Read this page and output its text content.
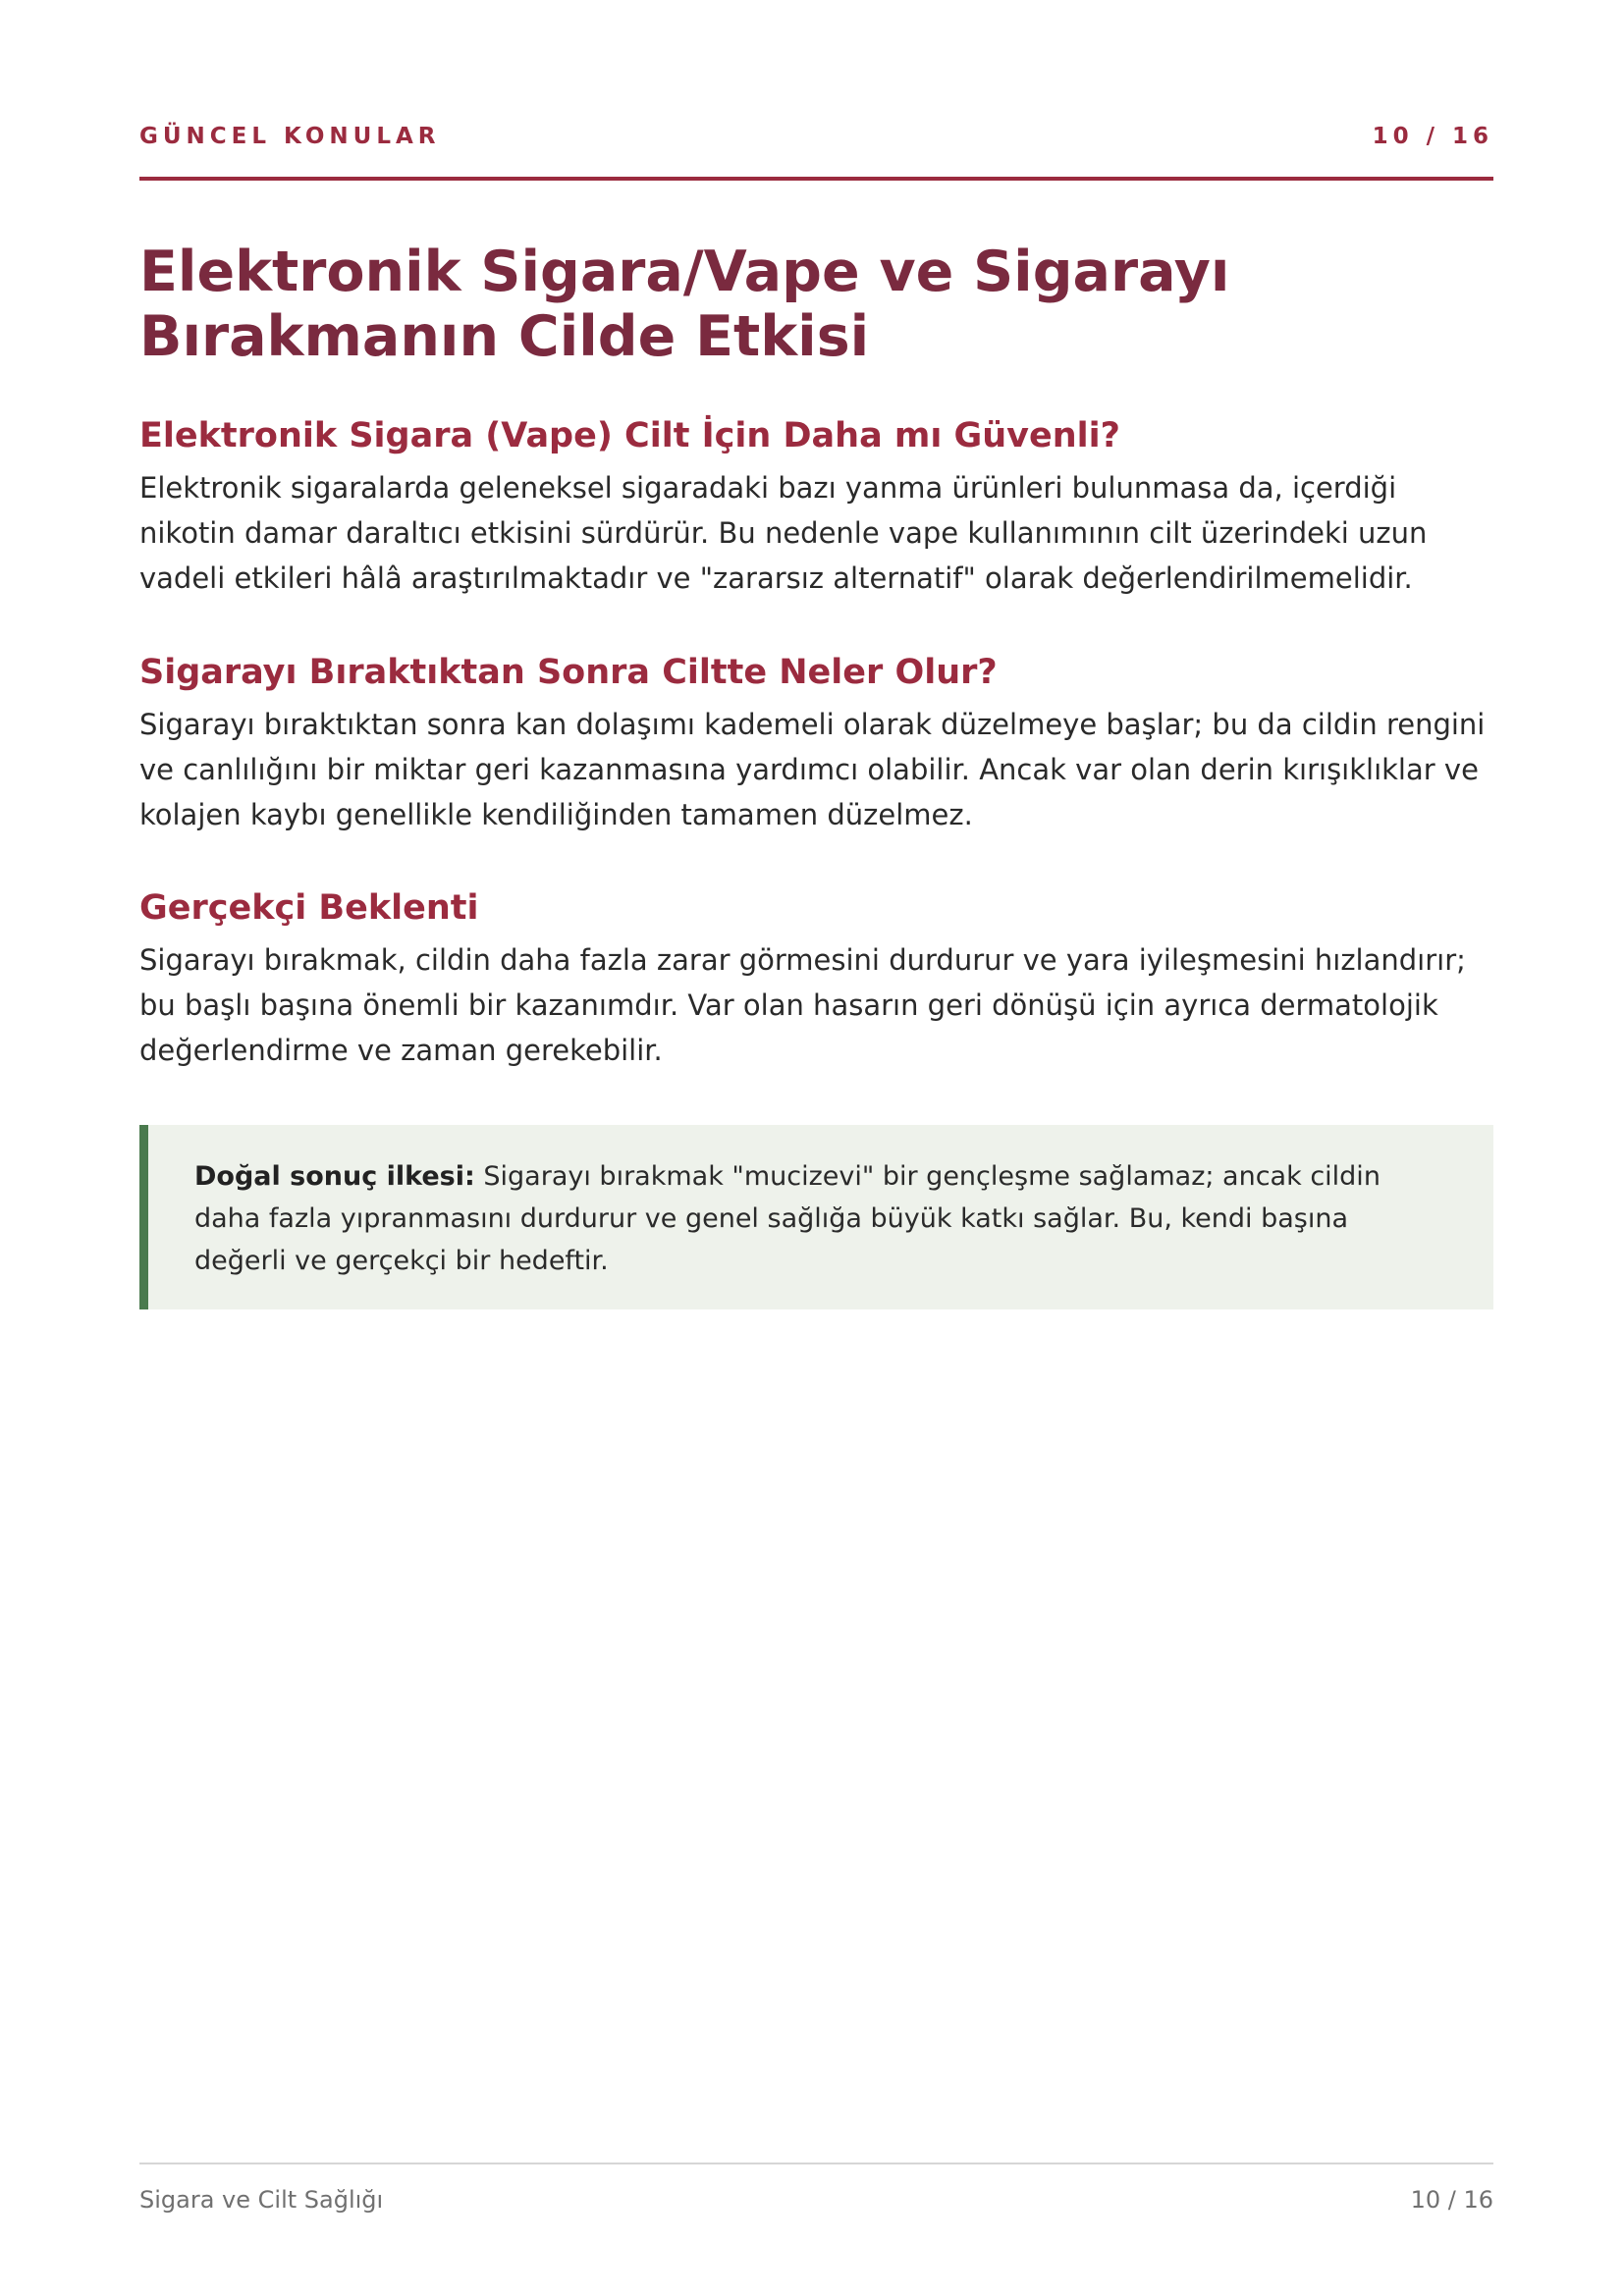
GÜNCEL KONULAR	10 / 16
Elektronik Sigara/Vape ve Sigarayı Bırakmanın Cilde Etkisi
Elektronik Sigara (Vape) Cilt İçin Daha mı Güvenli?

Elektronik sigaralarda geleneksel sigaradaki bazı yanma ürünleri bulunmasa da, içerdiği nikotin damar daraltıcı etkisini sürdürür. Bu nedenle vape kullanımının cilt üzerindeki uzun vadeli etkileri hâlâ araştırılmaktadır ve "zararsız alternatif" olarak değerlendirilmemelidir.

Sigarayı Bıraktıktan Sonra Ciltte Neler Olur?

Sigarayı bıraktıktan sonra kan dolaşımı kademeli olarak düzelmeye başlar; bu da cildin rengini ve canlılığını bir miktar geri kazanmasına yardımcı olabilir. Ancak var olan derin kırışıklıklar ve kolajen kaybı genellikle kendiliğinden tamamen düzelmez.

Gerçekçi Beklenti

Sigarayı bırakmak, cildin daha fazla zarar görmesini durdurur ve yara iyileşmesini hızlandırır; bu başlı başına önemli bir kazanımdır. Var olan hasarın geri dönüşü için ayrıca dermatolojik değerlendirme ve zaman gerekebilir.

Doğal sonuç ilkesi: Sigarayı bırakmak "mucizevi" bir gençleşme sağlamaz; ancak cildin daha fazla yıpranmasını durdurur ve genel sağlığa büyük katkı sağlar. Bu, kendi başına değerli ve gerçekçi bir hedeftir.

Sigara ve Cilt Sağlığı	10 / 16
